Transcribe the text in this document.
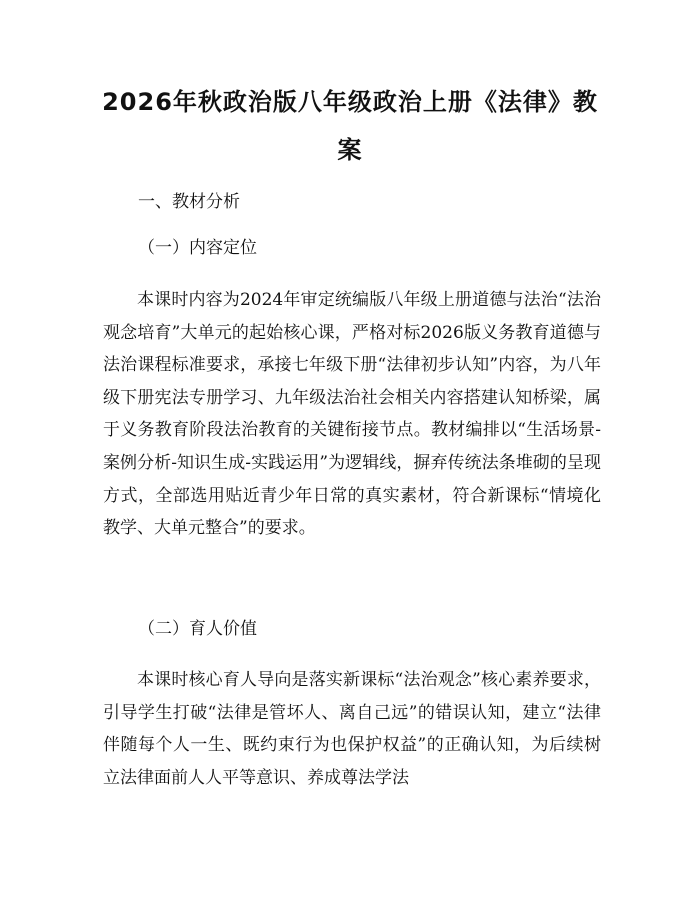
2026年秋政治版八年级政治上册《法律》教案
一、教材分析
（一）内容定位
本课时内容为2024年审定统编版八年级上册道德与法治“法治观念培育”大单元的起始核心课，严格对标2026版义务教育道德与法治课程标准要求，承接七年级下册“法律初步认知”内容，为八年级下册宪法专册学习、九年级法治社会相关内容搭建认知桥梁，属于义务教育阶段法治教育的关键衔接节点。教材编排以“生活场景-案例分析-知识生成-实践运用”为逻辑线，摒弃传统法条堆砌的呈现方式，全部选用贴近青少年日常的真实素材，符合新课标“情境化教学、大单元整合”的要求。
（二）育人价值
本课时核心育人导向是落实新课标“法治观念”核心素养要求，引导学生打破“法律是管坏人、离自己远”的错误认知，建立“法律伴随每个人一生、既约束行为也保护权益”的正确认知，为后续树立法律面前人人平等意识、养成尊法学法
